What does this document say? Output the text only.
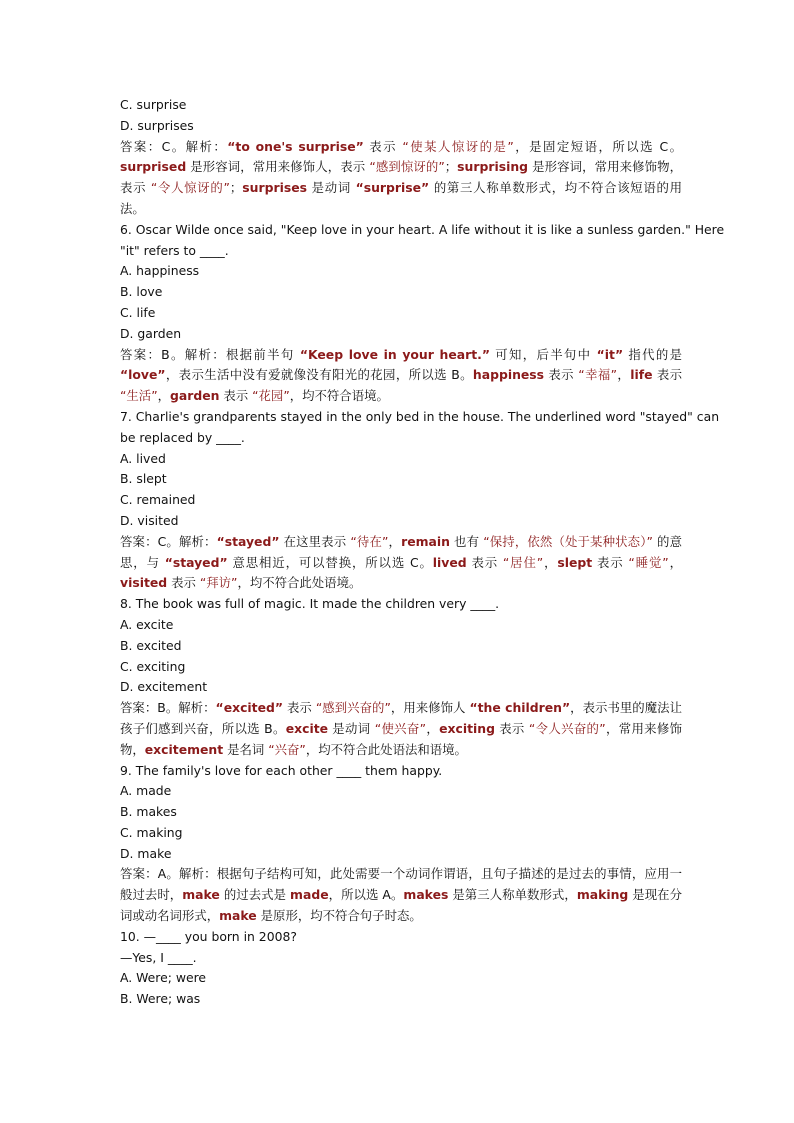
C. surprise
D. surprises
答案：C。解析：“to one's surprise” 表示 “使某人惊讶的是”，是固定短语，所以选 C。surprised 是形容词，常用来修饰人，表示 “感到惊讶的”；surprising 是形容词，常用来修饰物，表示 “令人惊讶的”；surprises 是动词 “surprise” 的第三人称单数形式，均不符合该短语的用法。
6. Oscar Wilde once said, "Keep love in your heart. A life without it is like a sunless garden." Here
"it" refers to ____.
A. happiness
B. love
C. life
D. garden
答案：B。解析：根据前半句 “Keep love in your heart.” 可知，后半句中 “it” 指代的是 “love”，表示生活中没有爱就像没有阳光的花园，所以选 B。happiness 表示 “幸福”，life 表示 “生活”，garden 表示 “花园”，均不符合语境。
7. Charlie's grandparents stayed in the only bed in the house. The underlined word "stayed" can
be replaced by ____.
A. lived
B. slept
C. remained
D. visited
答案：C。解析：“stayed” 在这里表示 “待在”，remain 也有 “保持，依然（处于某种状态）” 的意思，与 “stayed” 意思相近，可以替换，所以选 C。lived 表示 “居住”，slept 表示 “睡觉”，visited 表示 “拜访”，均不符合此处语境。
8. The book was full of magic. It made the children very ____.
A. excite
B. excited
C. exciting
D. excitement
答案：B。解析：“excited” 表示 “感到兴奋的”，用来修饰人 “the children”，表示书里的魔法让孩子们感到兴奋，所以选 B。excite 是动词 “使兴奋”，exciting 表示 “令人兴奋的”，常用来修饰物，excitement 是名词 “兴奋”，均不符合此处语法和语境。
9. The family's love for each other ____ them happy.
A. made
B. makes
C. making
D. make
答案：A。解析：根据句子结构可知，此处需要一个动词作谓语，且句子描述的是过去的事情，应用一般过去时，make 的过去式是 made，所以选 A。makes 是第三人称单数形式，making 是现在分词或动名词形式，make 是原形，均不符合句子时态。
10. —____ you born in 2008?
—Yes, I ____.
A. Were; were
B. Were; was
